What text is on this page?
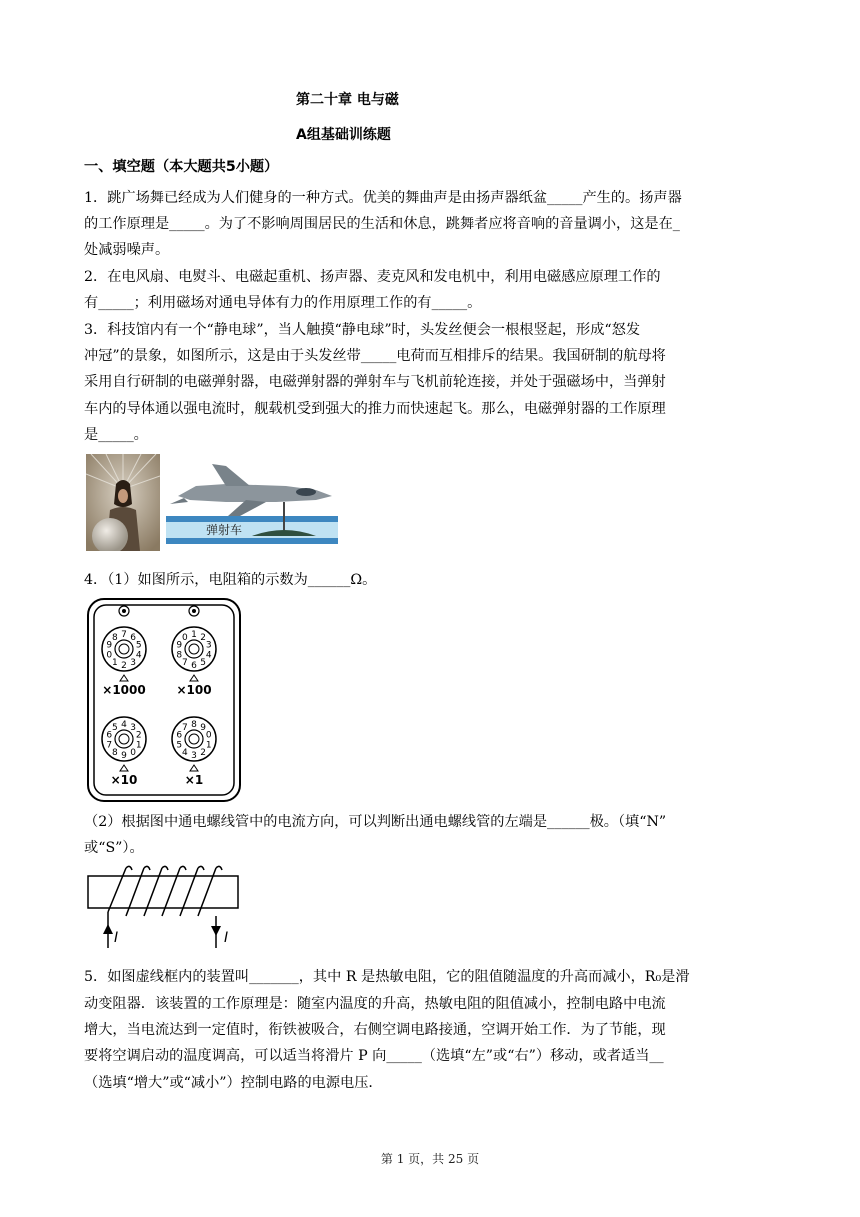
第二十章 电与磁
A组基础训练题
一、填空题（本大题共5小题）
1．跳广场舞已经成为人们健身的一种方式。优美的舞曲声是由扬声器纸盆_____产生的。扬声器
的工作原理是_____。为了不影响周围居民的生活和休息，跳舞者应将音响的音量调小，这是在_
处减弱噪声。
2．在电风扇、电熨斗、电磁起重机、扬声器、麦克风和发电机中，利用电磁感应原理工作的
有_____；利用磁场对通电导体有力的作用原理工作的有_____。
3．科技馆内有一个“静电球”，当人触摸“静电球”时，头发丝便会一根根竖起，形成“怒发
冲冠”的景象，如图所示，这是由于头发丝带_____电荷而互相排斥的结果。我国研制的航母将
采用自行研制的电磁弹射器，电磁弹射器的弹射车与飞机前轮连接，并处于强磁场中，当弹射
车内的导体通以强电流时，舰载机受到强大的推力而快速起飞。那么，电磁弹射器的工作原理
是_____。
弹射车
4．（1）如图所示，电阻箱的示数为______Ω。
7 6
5
4
3
2
1
0
9
8
×1000
1 2
3
4
5
6
7
8
9
0
×100
4 3
2
1
0
9
8
7
6
5
×10
8 9
0
1
2
3
4
5
6
7
×1
（2）根据图中通电螺线管中的电流方向，可以判断出通电螺线管的左端是______极。（填“N”
或“S”）。
I	I
5．如图虚线框内的装置叫_______，其中 R 是热敏电阻，它的阻值随温度的升高而减小，R₀是滑
动变阻器．该装置的工作原理是：随室内温度的升高，热敏电阻的阻值减小，控制电路中电流
增大，当电流达到一定值时，衔铁被吸合，右侧空调电路接通，空调开始工作．为了节能，现
要将空调启动的温度调高，可以适当将滑片 P 向_____（选填“左”或“右”）移动，或者适当__
（选填“增大”或“减小”）控制电路的电源电压．
第 1 页，共 25 页
